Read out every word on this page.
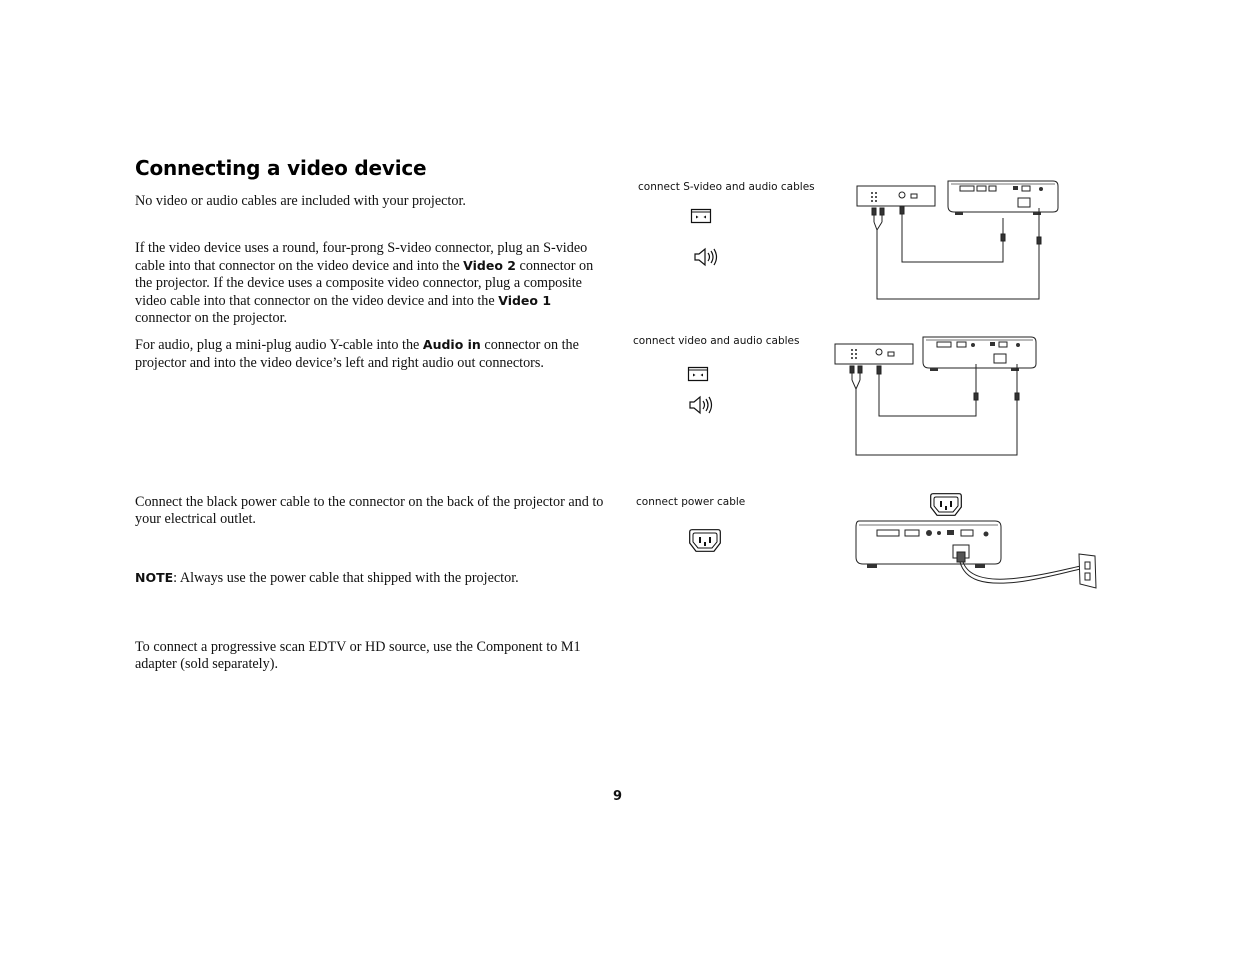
Connecting a video device

No video or audio cables are included with your projector.

If the video device uses a round, four-prong S-video connector, plug an S-video cable into that connector on the video device and into the Video 2 connector on the projector. If the device uses a composite video connector, plug a composite video cable into that connector on the video device and into the Video 1 connector on the projector.

For audio, plug a mini-plug audio Y-cable into the Audio in connector on the projector and into the video device’s left and right audio out connectors.

Connect the black power cable to the connector on the back of the projector and to your electrical outlet.

NOTE: Always use the power cable that shipped with the projector.

To connect a progressive scan EDTV or HD source, use the Component to M1 adapter (sold separately).

connect S-video and audio cables
connect video and audio cables
connect power cable
9
